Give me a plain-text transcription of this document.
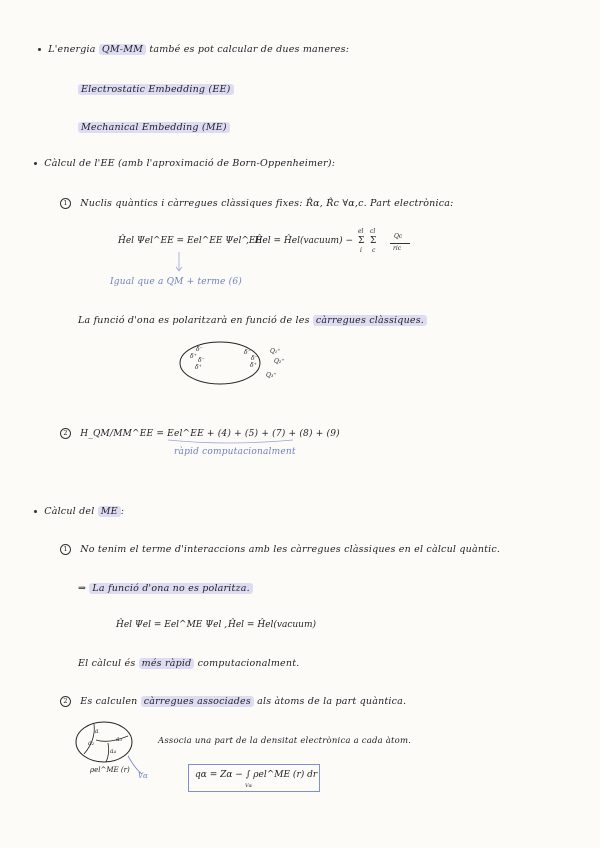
L'energia QM-MM també es pot calcular de dues maneres:
Electrostatic Embedding (EE)
Mechanical Embedding (ME)
Càlcul de l'EE (amb l'aproximació de Born-Oppenheimer):
1 Nuclis quàntics i càrregues clàssiques fixes: R̂α, R̂c ∀α,c. Part electrònica:
Ĥel Ψel^EE = Eel^EE Ψel^EE
,  Ĥel = Ĥel(vacuum) −
el
Σ
i
cl
Σ
c
Qc
ric
Igual que a QM + terme (6)
La funció d'ona es polaritzarà en funció de les càrregues clàssiques.
δ⁻
δ⁺
δ⁻
δ⁺
δ⁻
δ⁻
δ⁺
Q₁⁺
Q₂⁺
Q₃⁺
2 H_QM/MM^EE = Eel^EE + (4) + (5) + (7) + (8) + (9)
ràpid computacionalment
Càlcul del ME :
1 No tenim el terme d'interaccions amb les càrregues clàssiques en el càlcul quàntic.
⇒ La funció d'ona no es polaritza.
Ĥel Ψel = Eel^ME Ψel , Ĥel = Ĥel(vacuum)
El càlcul és més ràpid computacionalment.
2 Es calculen càrregues associades als àtoms de la part quàntica.
a
a₂
a₃
a₄
ρel^ME (r)
Vα
Associa una part de la densitat electrònica a cada àtom.
qα = Zα − ∫ ρel^ME (r) dr
Vα
